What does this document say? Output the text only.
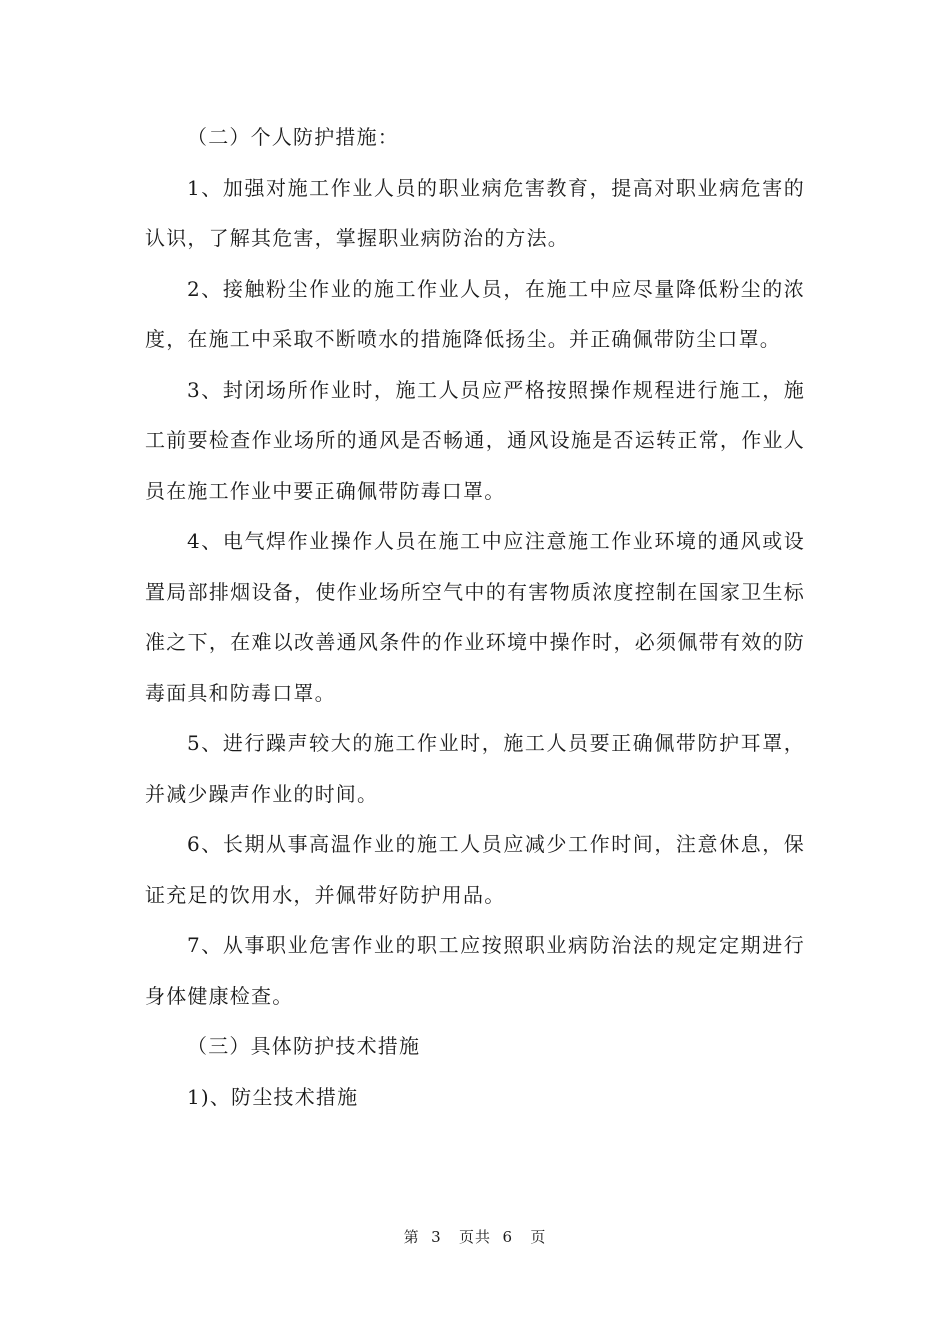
（二）个人防护措施：

1、加强对施工作业人员的职业病危害教育，提高对职业病危害的认识，了解其危害，掌握职业病防治的方法。

2、接触粉尘作业的施工作业人员，在施工中应尽量降低粉尘的浓度，在施工中采取不断喷水的措施降低扬尘。并正确佩带防尘口罩。

3、封闭场所作业时，施工人员应严格按照操作规程进行施工，施工前要检查作业场所的通风是否畅通，通风设施是否运转正常，作业人员在施工作业中要正确佩带防毒口罩。

4、电气焊作业操作人员在施工中应注意施工作业环境的通风或设置局部排烟设备，使作业场所空气中的有害物质浓度控制在国家卫生标准之下，在难以改善通风条件的作业环境中操作时，必须佩带有效的防毒面具和防毒口罩。

5、进行躁声较大的施工作业时，施工人员要正确佩带防护耳罩，并减少躁声作业的时间。

6、长期从事高温作业的施工人员应减少工作时间，注意休息，保证充足的饮用水，并佩带好防护用品。

7、从事职业危害作业的职工应按照职业病防治法的规定定期进行身体健康检查。

（三）具体防护技术措施

1)、防尘技术措施

第  3   页共  6   页
